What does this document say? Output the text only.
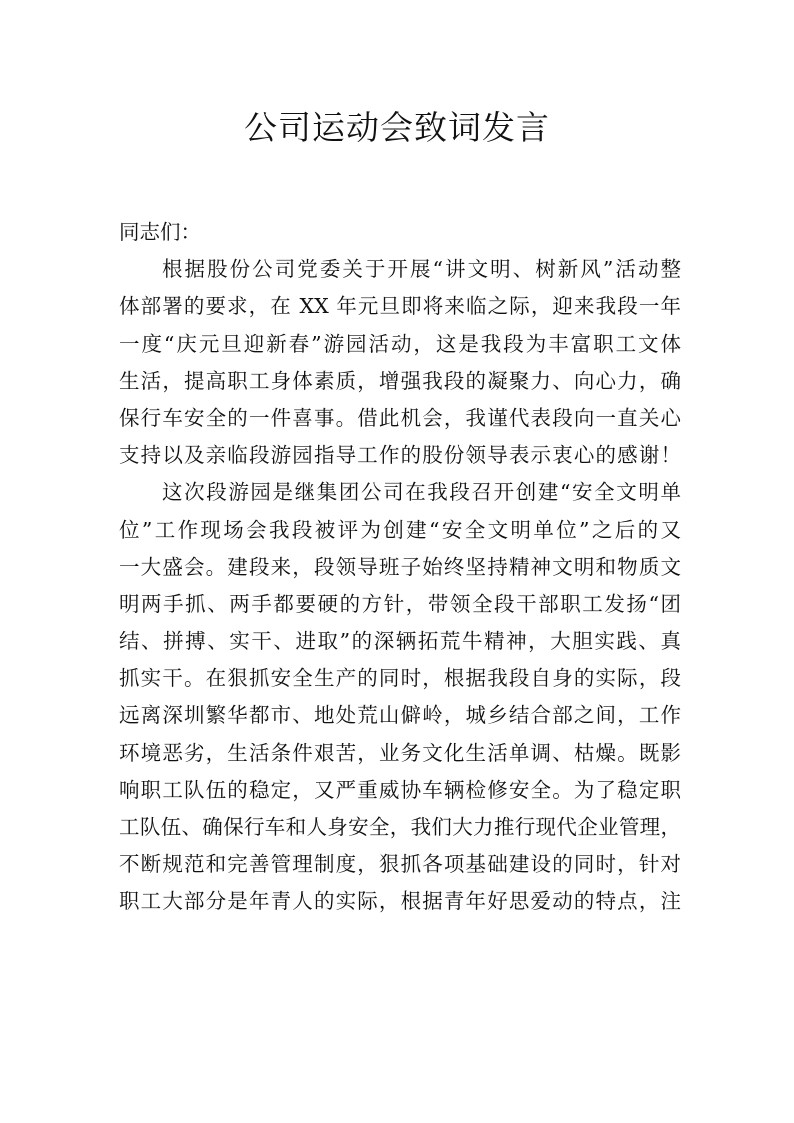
公司运动会致词发言
同志们：
根据股份公司党委关于开展“讲文明、树新风”活动整
体部署的要求，在 XX 年元旦即将来临之际，迎来我段一年
一度“庆元旦迎新春”游园活动，这是我段为丰富职工文体
生活，提高职工身体素质，增强我段的凝聚力、向心力，确
保行车安全的一件喜事。借此机会，我谨代表段向一直关心
支持以及亲临段游园指导工作的股份领导表示衷心的感谢！
这次段游园是继集团公司在我段召开创建“安全文明单
位”工作现场会我段被评为创建“安全文明单位”之后的又
一大盛会。建段来，段领导班子始终坚持精神文明和物质文
明两手抓、两手都要硬的方针，带领全段干部职工发扬“团
结、拼搏、实干、进取”的深辆拓荒牛精神，大胆实践、真
抓实干。在狠抓安全生产的同时，根据我段自身的实际，段
远离深圳繁华都市、地处荒山僻岭，城乡结合部之间，工作
环境恶劣，生活条件艰苦，业务文化生活单调、枯燥。既影
响职工队伍的稳定，又严重威协车辆检修安全。为了稳定职
工队伍、确保行车和人身安全，我们大力推行现代企业管理，
不断规范和完善管理制度，狠抓各项基础建设的同时，针对
职工大部分是年青人的实际，根据青年好思爱动的特点，注
